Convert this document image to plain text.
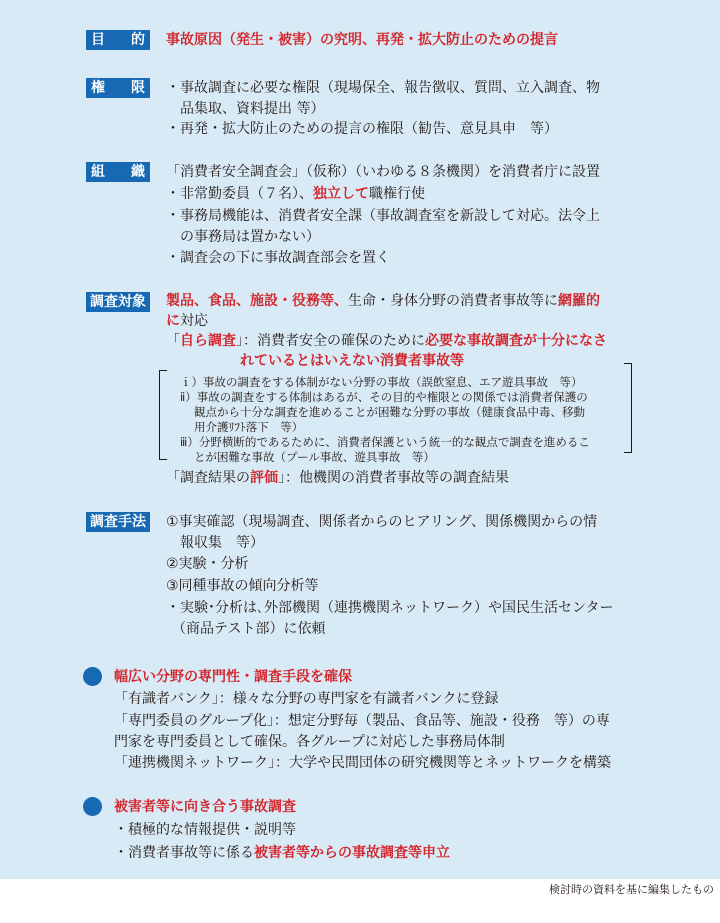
目　的	事故原因（発生・被害）の究明、再発・拡大防止のための提言
権　限	・事故調査に必要な権限（現場保全、報告徴収、質問、立入調査、物
品集取、資料提出 等）
・再発・拡大防止のための提言の権限（勧告、意見具申　等）
組　織	「消費者安全調査会」（仮称）（いわゆる８条機関）を消費者庁に設置
・非常勤委員（７名）、独立して職権行使
・事務局機能は、消費者安全課（事故調査室を新設して対応。法令上
の事務局は置かない）
・調査会の下に事故調査部会を置く
調査対象 製品、食品、施設・役務等、生命・身体分野の消費者事故等に網羅的
に対応
「自ら調査」：消費者安全の確保のために必要な事故調査が十分になさ
れているとはいえない消費者事故等
ｉ）事故の調査をする体制がない分野の事故（誤飲窒息、エア遊具事故　等）
ⅱ）事故の調査をする体制はあるが、その目的や権限との関係では消費者保護の
観点から十分な調査を進めることが困難な分野の事故（健康食品中毒、移動
用介護ﾘﾌﾄ落下　等）
ⅲ）分野横断的であるために、消費者保護という統一的な観点で調査を進めるこ
とが困難な事故（プール事故、遊具事故　等）
「調査結果の評価」：他機関の消費者事故等の調査結果
調査手法 ①事実確認（現場調査、関係者からのヒアリング、関係機関からの情
報収集　等）
②実験・分析
③同種事故の傾向分析等
・実験･分析は､外部機関（連携機関ネットワーク）や国民生活センター
（商品テスト部）に依頼
幅広い分野の専門性・調査手段を確保
「有識者バンク」：様々な分野の専門家を有識者バンクに登録
「専門委員のグループ化」：想定分野毎（製品、食品等、施設・役務　等）の専
門家を専門委員として確保。各グループに対応した事務局体制
「連携機関ネットワーク」：大学や民間団体の研究機関等とネットワークを構築
被害者等に向き合う事故調査
・積極的な情報提供・説明等
・消費者事故等に係る被害者等からの事故調査等申立
検討時の資料を基に編集したもの
